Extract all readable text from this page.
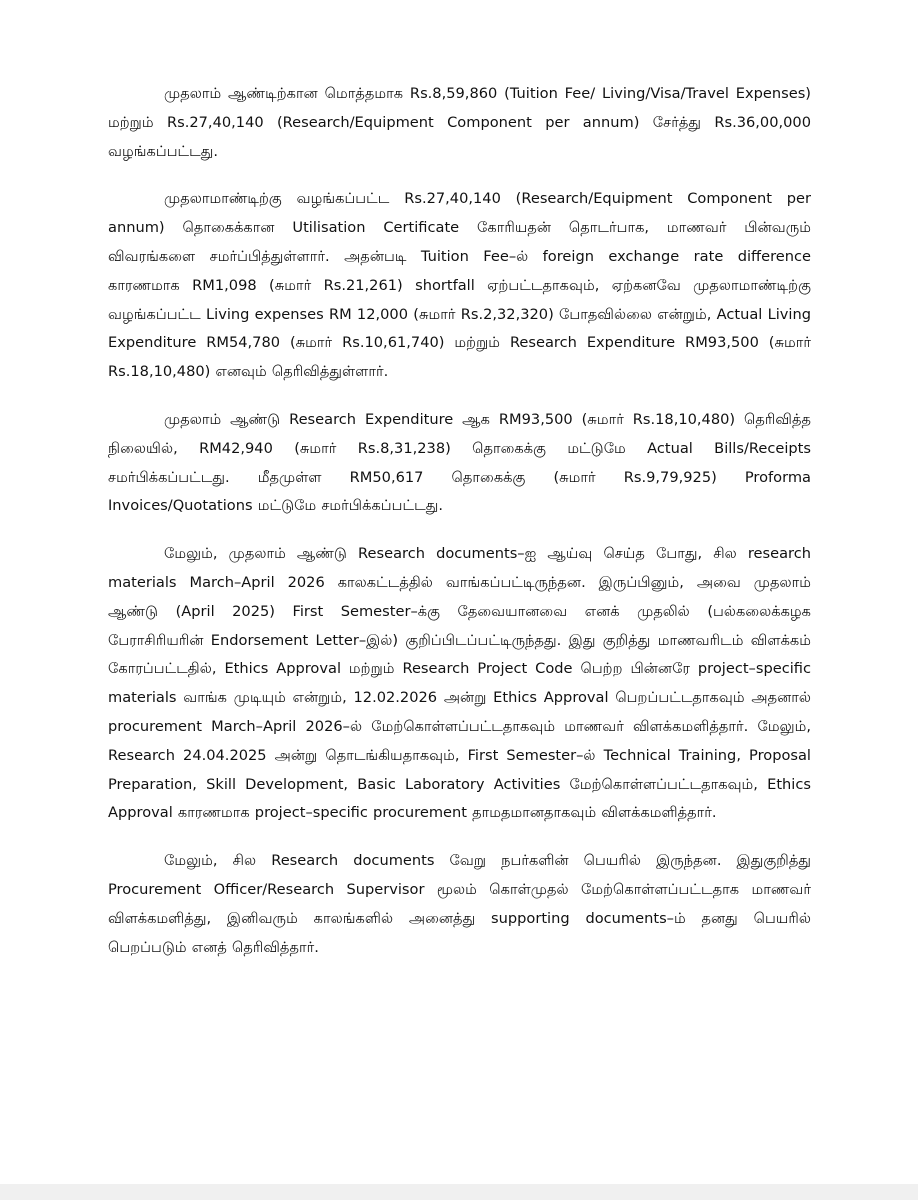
முதலாம் ஆண்டிற்கான மொத்தமாக Rs.8,59,860 (Tuition Fee/ Living/Visa/Travel Expenses) மற்றும் Rs.27,40,140 (Research/Equipment Component per annum) சேர்த்து Rs.36,00,000 வழங்கப்பட்டது.

முதலாமாண்டிற்கு வழங்கப்பட்ட Rs.27,40,140 (Research/Equipment Component per annum) தொகைக்கான Utilisation Certificate கோரியதன் தொடர்பாக, மாணவர் பின்வரும் விவரங்களை சமர்ப்பித்துள்ளார். அதன்படி Tuition Fee–ல் foreign exchange rate difference காரணமாக RM1,098 (சுமார் Rs.21,261) shortfall ஏற்பட்டதாகவும், ஏற்கனவே முதலாமாண்டிற்கு வழங்கப்பட்ட Living expenses RM 12,000 (சுமார் Rs.2,32,320) போதவில்லை என்றும், Actual Living Expenditure RM54,780 (சுமார் Rs.10,61,740) மற்றும் Research Expenditure RM93,500 (சுமார் Rs.18,10,480) எனவும் தெரிவித்துள்ளார்.

முதலாம் ஆண்டு Research Expenditure ஆக RM93,500 (சுமார் Rs.18,10,480) தெரிவித்த நிலையில், RM42,940 (சுமார் Rs.8,31,238) தொகைக்கு மட்டுமே Actual Bills/Receipts சமர்பிக்கப்பட்டது. மீதமுள்ள RM50,617 தொகைக்கு (சுமார் Rs.9,79,925) Proforma Invoices/Quotations மட்டுமே சமர்பிக்கப்பட்டது.

மேலும், முதலாம் ஆண்டு Research documents–ஐ ஆய்வு செய்த போது, சில research materials March–April 2026 காலகட்டத்தில் வாங்கப்பட்டிருந்தன. இருப்பினும், அவை முதலாம் ஆண்டு (April 2025) First Semester–க்கு தேவையானவை எனக் முதலில் (பல்கலைக்கழக பேராசிரியரின் Endorsement Letter–இல்) குறிப்பிடப்பட்டிருந்தது. இது குறித்து மாணவரிடம் விளக்கம் கோரப்பட்டதில், Ethics Approval மற்றும் Research Project Code பெற்ற பின்னரே project–specific materials வாங்க முடியும் என்றும், 12.02.2026 அன்று Ethics Approval பெறப்பட்டதாகவும் அதனால் procurement March–April 2026–ல் மேற்கொள்ளப்பட்டதாகவும் மாணவர் விளக்கமளித்தார். மேலும், Research 24.04.2025 அன்று தொடங்கியதாகவும், First Semester–ல் Technical Training, Proposal Preparation, Skill Development, Basic Laboratory Activities மேற்கொள்ளப்பட்டதாகவும், Ethics Approval காரணமாக project–specific procurement தாமதமானதாகவும் விளக்கமளித்தார்.

மேலும், சில Research documents வேறு நபர்களின் பெயரில் இருந்தன. இதுகுறித்து Procurement Officer/Research Supervisor மூலம் கொள்முதல் மேற்கொள்ளப்பட்டதாக மாணவர் விளக்கமளித்து, இனிவரும் காலங்களில் அனைத்து supporting documents–ம் தனது பெயரில் பெறப்படும் எனத் தெரிவித்தார்.
